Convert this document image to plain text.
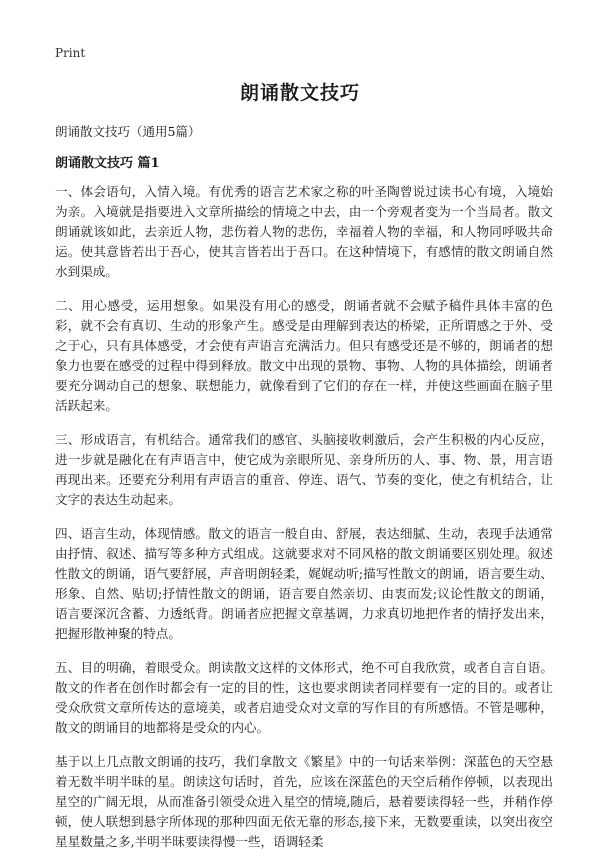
Print
朗诵散文技巧
朗诵散文技巧（通用5篇）
朗诵散文技巧 篇1

一、体会语句，入情入境。有优秀的语言艺术家之称的叶圣陶曾说过读书心有境，入境始为亲。入境就是指要进入文章所描绘的情境之中去，由一个旁观者变为一个当局者。散文朗诵就该如此，去亲近人物，悲伤着人物的悲伤，幸福着人物的幸福，和人物同呼吸共命运。使其意皆若出于吾心，使其言皆若出于吾口。在这种情境下，有感情的散文朗诵自然水到渠成。

二、用心感受，运用想象。如果没有用心的感受，朗诵者就不会赋予稿件具体丰富的色彩，就不会有真切、生动的形象产生。感受是由理解到表达的桥梁，正所谓感之于外、受之于心，只有具体感受，才会使有声语言充满活力。但只有感受还是不够的，朗诵者的想象力也要在感受的过程中得到释放。散文中出现的景物、事物、人物的具体描绘，朗诵者要充分调动自己的想象、联想能力，就像看到了它们的存在一样，并使这些画面在脑子里活跃起来。

三、形成语言，有机结合。通常我们的感官、头脑接收刺激后，会产生积极的内心反应，进一步就是融化在有声语言中，使它成为亲眼所见、亲身所历的人、事、物、景，用言语再现出来。还要充分利用有声语言的重音、停连、语气、节奏的变化，使之有机结合，让文字的表达生动起来。

四、语言生动，体现情感。散文的语言一般自由、舒展，表达细腻、生动，表现手法通常由抒情、叙述、描写等多种方式组成。这就要求对不同风格的散文朗诵要区别处理。叙述性散文的朗诵，语气要舒展，声音明朗轻柔，娓娓动听;描写性散文的朗诵，语言要生动、形象、自然、贴切;抒情性散文的朗诵，语言要自然亲切、由衷而发;议论性散文的朗诵，语言要深沉含蓄、力透纸背。朗诵者应把握文章基调，力求真切地把作者的情抒发出来，把握形散神聚的特点。

五、目的明确，着眼受众。朗读散文这样的文体形式，绝不可自我欣赏，或者自言自语。散文的作者在创作时都会有一定的目的性，这也要求朗读者同样要有一定的目的。或者让受众欣赏文章所传达的意境美，或者启迪受众对文章的写作目的有所感悟。不管是哪种，散文的朗诵目的地都将是受众的内心。

基于以上几点散文朗诵的技巧，我们拿散文《繁星》中的一句话来举例：深蓝色的天空悬着无数半明半昧的星。朗读这句话时，首先，应该在深蓝色的天空后稍作停顿，以表现出星空的广阔无垠，从而准备引领受众进入星空的情境,随后，悬着要读得轻一些，并稍作停顿，使人联想到悬字所体现的那种四面无依无靠的形态,接下来，无数要重读，以突出夜空星星数量之多,半明半昧要读得慢一些，语调轻柔
